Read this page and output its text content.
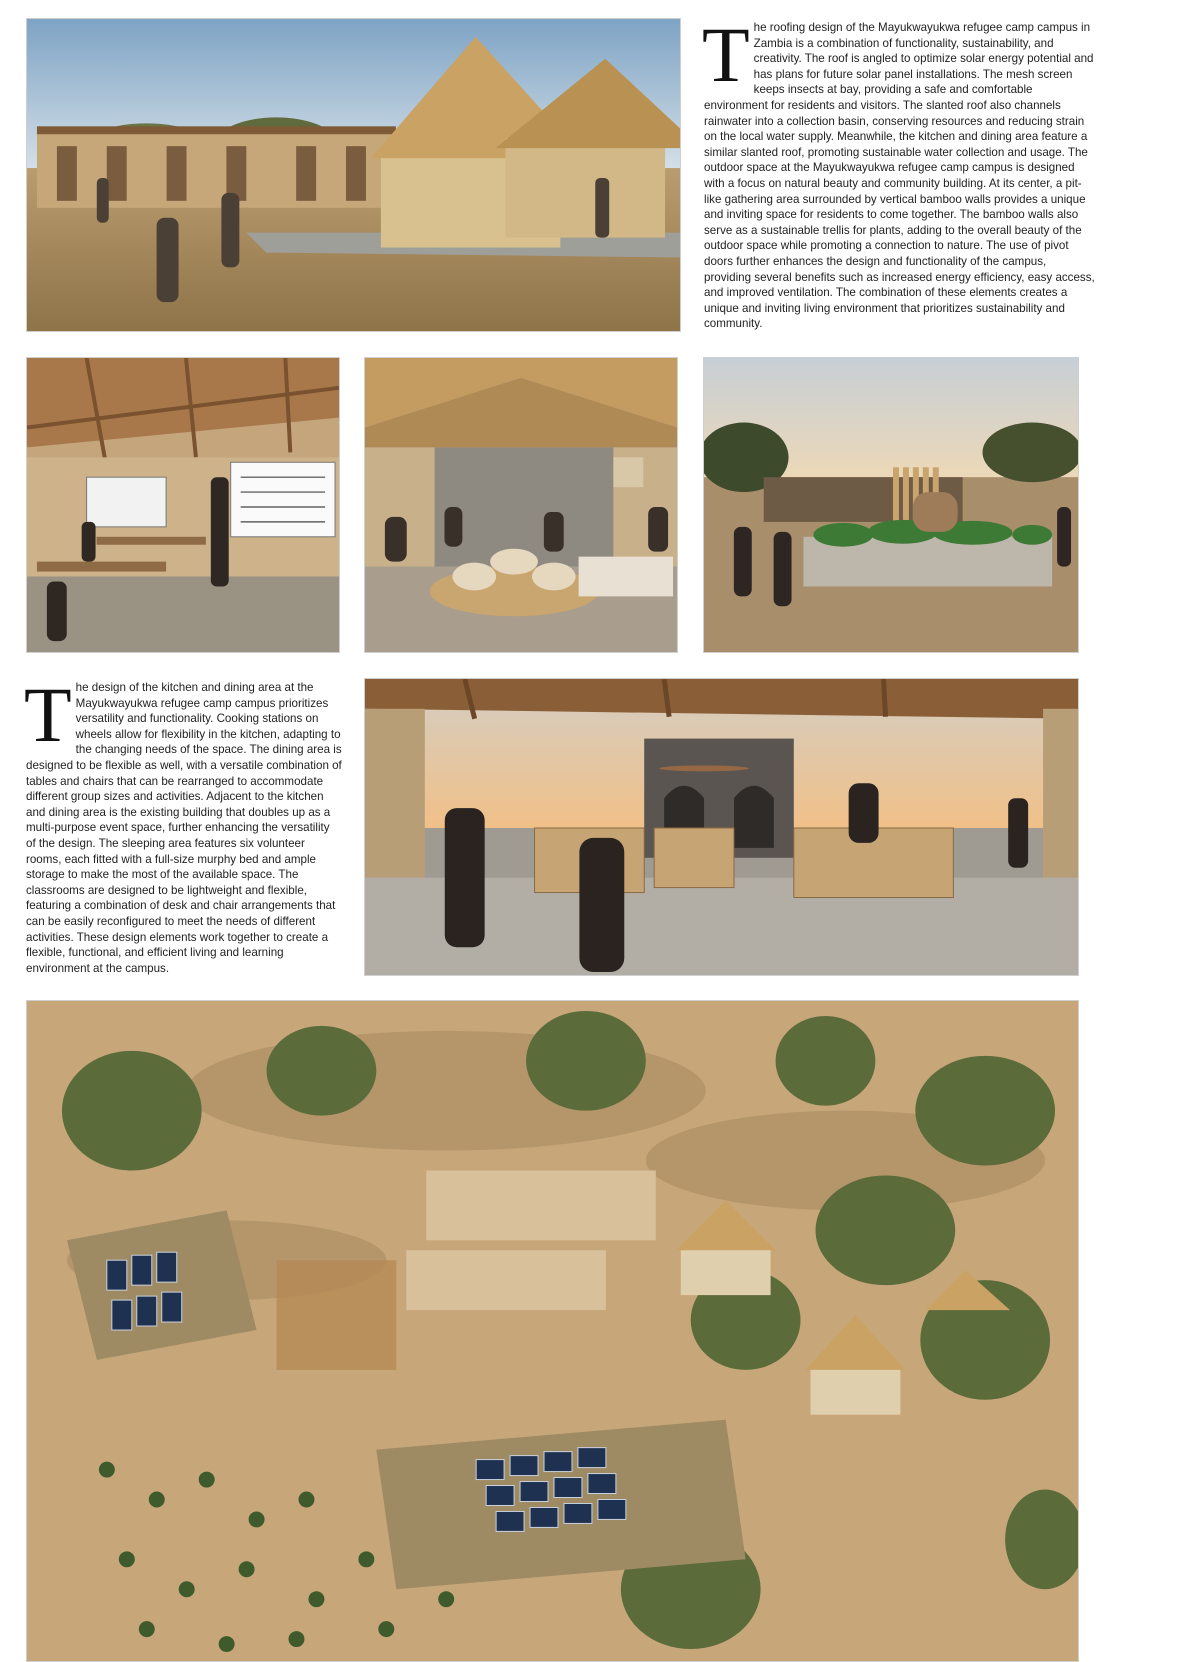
The roofing design of the Mayukwayukwa refugee camp campus in Zambia is a combination of functionality, sustainability, and creativity. The roof is angled to optimize solar energy potential and has plans for future solar panel installations. The mesh screen keeps insects at bay, providing a safe and comfortable environment for residents and visitors. The slanted roof also channels rainwater into a collection basin, conserving resources and reducing strain on the local water supply. Meanwhile, the kitchen and dining area feature a similar slanted roof, promoting sustainable water collection and usage. The outdoor space at the Mayukwayukwa refugee camp campus is designed with a focus on natural beauty and community building. At its center, a pit-like gathering area surrounded by vertical bamboo walls provides a unique and inviting space for residents to come together. The bamboo walls also serve as a sustainable trellis for plants, adding to the overall beauty of the outdoor space while promoting a connection to nature. The use of pivot doors further enhances the design and functionality of the campus, providing several benefits such as increased energy efficiency, easy access, and improved ventilation. The combination of these elements creates a unique and inviting living environment that prioritizes sustainability and community.
The design of the kitchen and dining area at the Mayukwayukwa refugee camp campus prioritizes versatility and functionality. Cooking stations on wheels allow for flexibility in the kitchen, adapting to the changing needs of the space. The dining area is designed to be flexible as well, with a versatile combination of tables and chairs that can be rearranged to accommodate different group sizes and activities. Adjacent to the kitchen and dining area is the existing building that doubles up as a multi-purpose event space, further enhancing the versatility of the design. The sleeping area features six volunteer rooms, each fitted with a full-size murphy bed and ample storage to make the most of the available space. The classrooms are designed to be lightweight and flexible, featuring a combination of desk and chair arrangements that can be easily reconfigured to meet the needs of different activities. These design elements work together to create a flexible, functional, and efficient living and learning environment at the campus.
